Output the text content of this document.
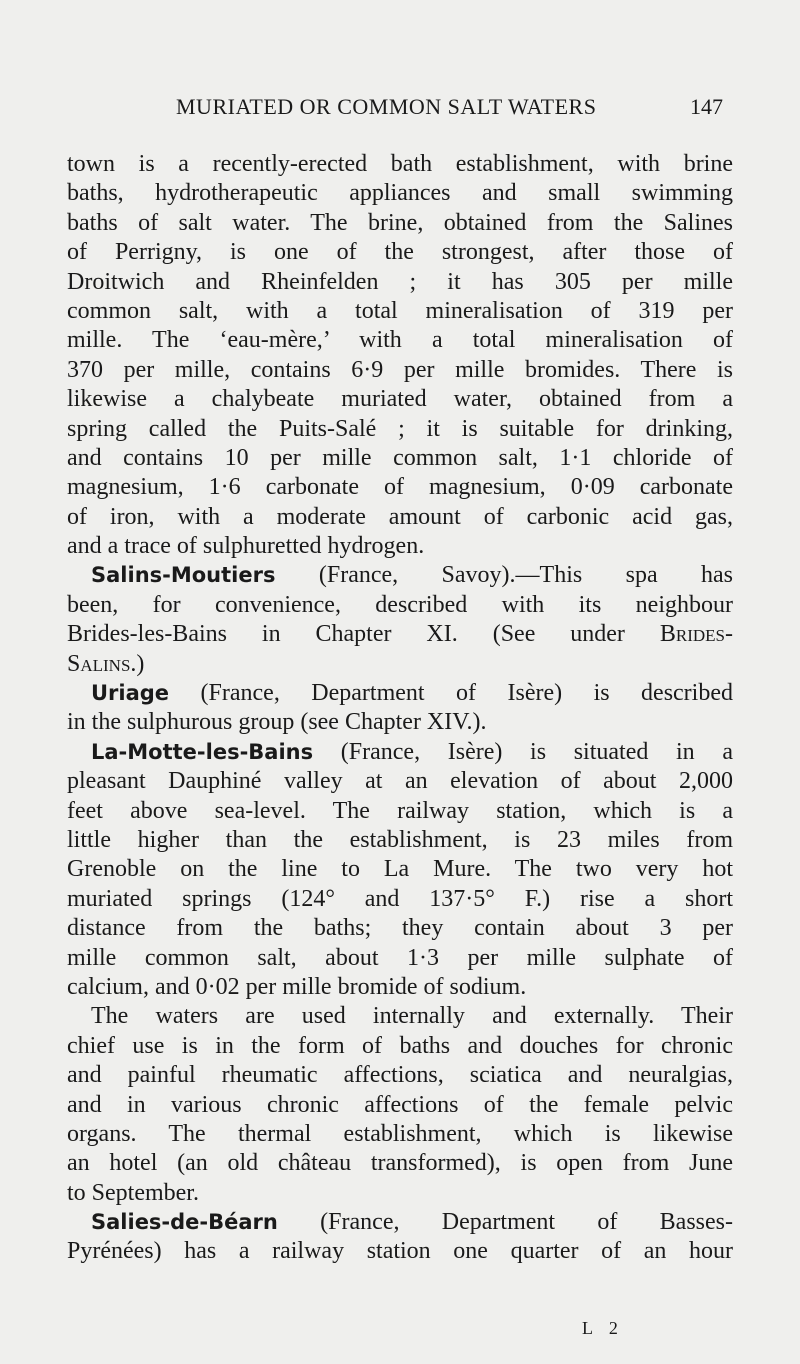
MURIATED OR COMMON SALT WATERS	147
town is a recently-erected bath establishment, with brine
baths, hydrotherapeutic appliances and small swimming
baths of salt water. The brine, obtained from the Salines
of Perrigny, is one of the strongest, after those of
Droitwich and Rheinfelden ; it has 305 per mille
common salt, with a total mineralisation of 319 per
mille. The ‘eau-mère,’ with a total mineralisation of
370 per mille, contains 6·9 per mille bromides. There is
likewise a chalybeate muriated water, obtained from a
spring called the Puits-Salé ; it is suitable for drinking,
and contains 10 per mille common salt, 1·1 chloride of
magnesium, 1·6 carbonate of magnesium, 0·09 carbonate
of iron, with a moderate amount of carbonic acid gas,
and a trace of sulphuretted hydrogen.
Salins-Moutiers (France, Savoy).—This spa has
been, for convenience, described with its neighbour
Brides-les-Bains in Chapter XI. (See under Brides-
Salins.)
Uriage (France, Department of Isère) is described
in the sulphurous group (see Chapter XIV.).
La-Motte-les-Bains (France, Isère) is situated in a
pleasant Dauphiné valley at an elevation of about 2,000
feet above sea-level. The railway station, which is a
little higher than the establishment, is 23 miles from
Grenoble on the line to La Mure. The two very hot
muriated springs (124° and 137·5° F.) rise a short
distance from the baths; they contain about 3 per
mille common salt, about 1·3 per mille sulphate of
calcium, and 0·02 per mille bromide of sodium.
The waters are used internally and externally. Their
chief use is in the form of baths and douches for chronic
and painful rheumatic affections, sciatica and neuralgias,
and in various chronic affections of the female pelvic
organs. The thermal establishment, which is likewise
an hotel (an old château transformed), is open from June
to September.
Salies-de-Béarn (France, Department of Basses-
Pyrénées) has a railway station one quarter of an hour
L 2
